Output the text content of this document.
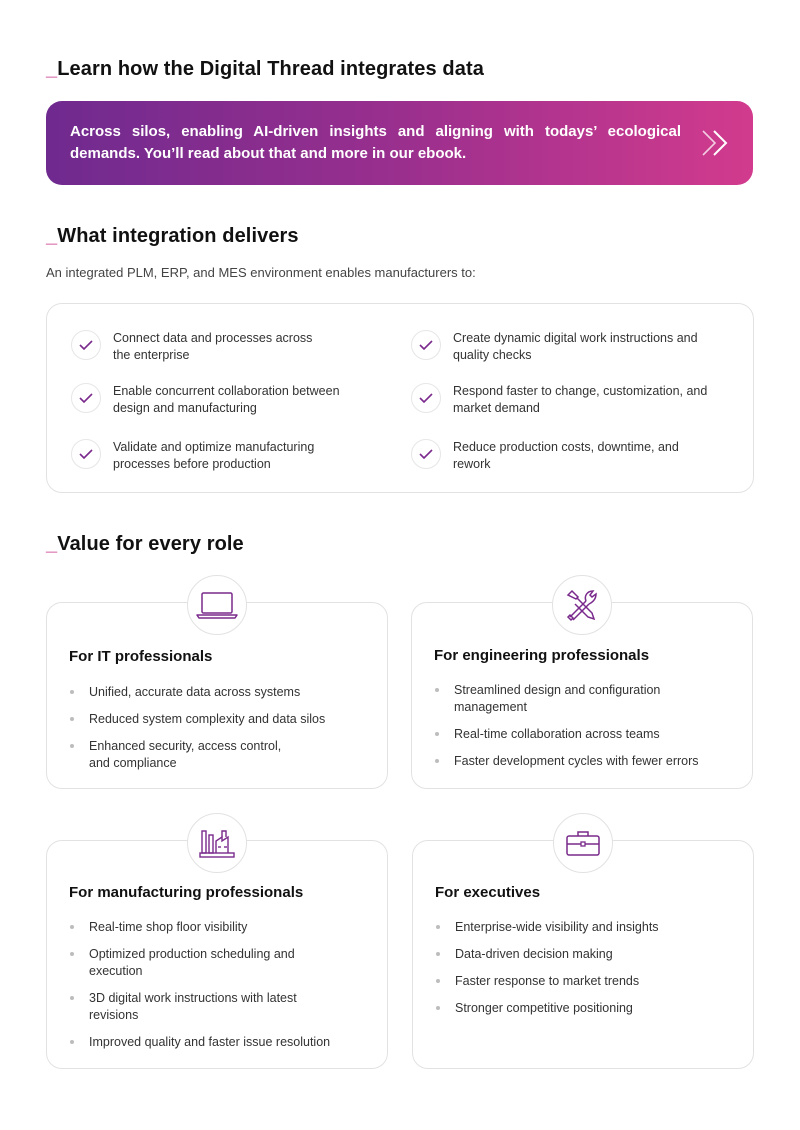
_Learn how the Digital Thread integrates data

Across silos, enabling AI-driven insights and aligning with todays’ ecological demands. You’ll read about that and more in our ebook.

_What integration delivers

An integrated PLM, ERP, and MES environment enables manufacturers to:

Connect data and processes across the enterprise
Create dynamic digital work instructions and quality checks
Enable concurrent collaboration between design and manufacturing
Respond faster to change, customization, and market demand
Validate and optimize manufacturing processes before production
Reduce production costs, downtime, and rework
_Value for every role
For IT professionals
Unified, accurate data across systems
Reduced system complexity and data silos
Enhanced security, access control, and compliance
For engineering professionals
Streamlined design and configuration management
Real-time collaboration across teams
Faster development cycles with fewer errors
For manufacturing professionals
Real-time shop floor visibility
Optimized production scheduling and execution
3D digital work instructions with latest revisions
Improved quality and faster issue resolution
For executives
Enterprise-wide visibility and insights
Data-driven decision making
Faster response to market trends
Stronger competitive positioning
